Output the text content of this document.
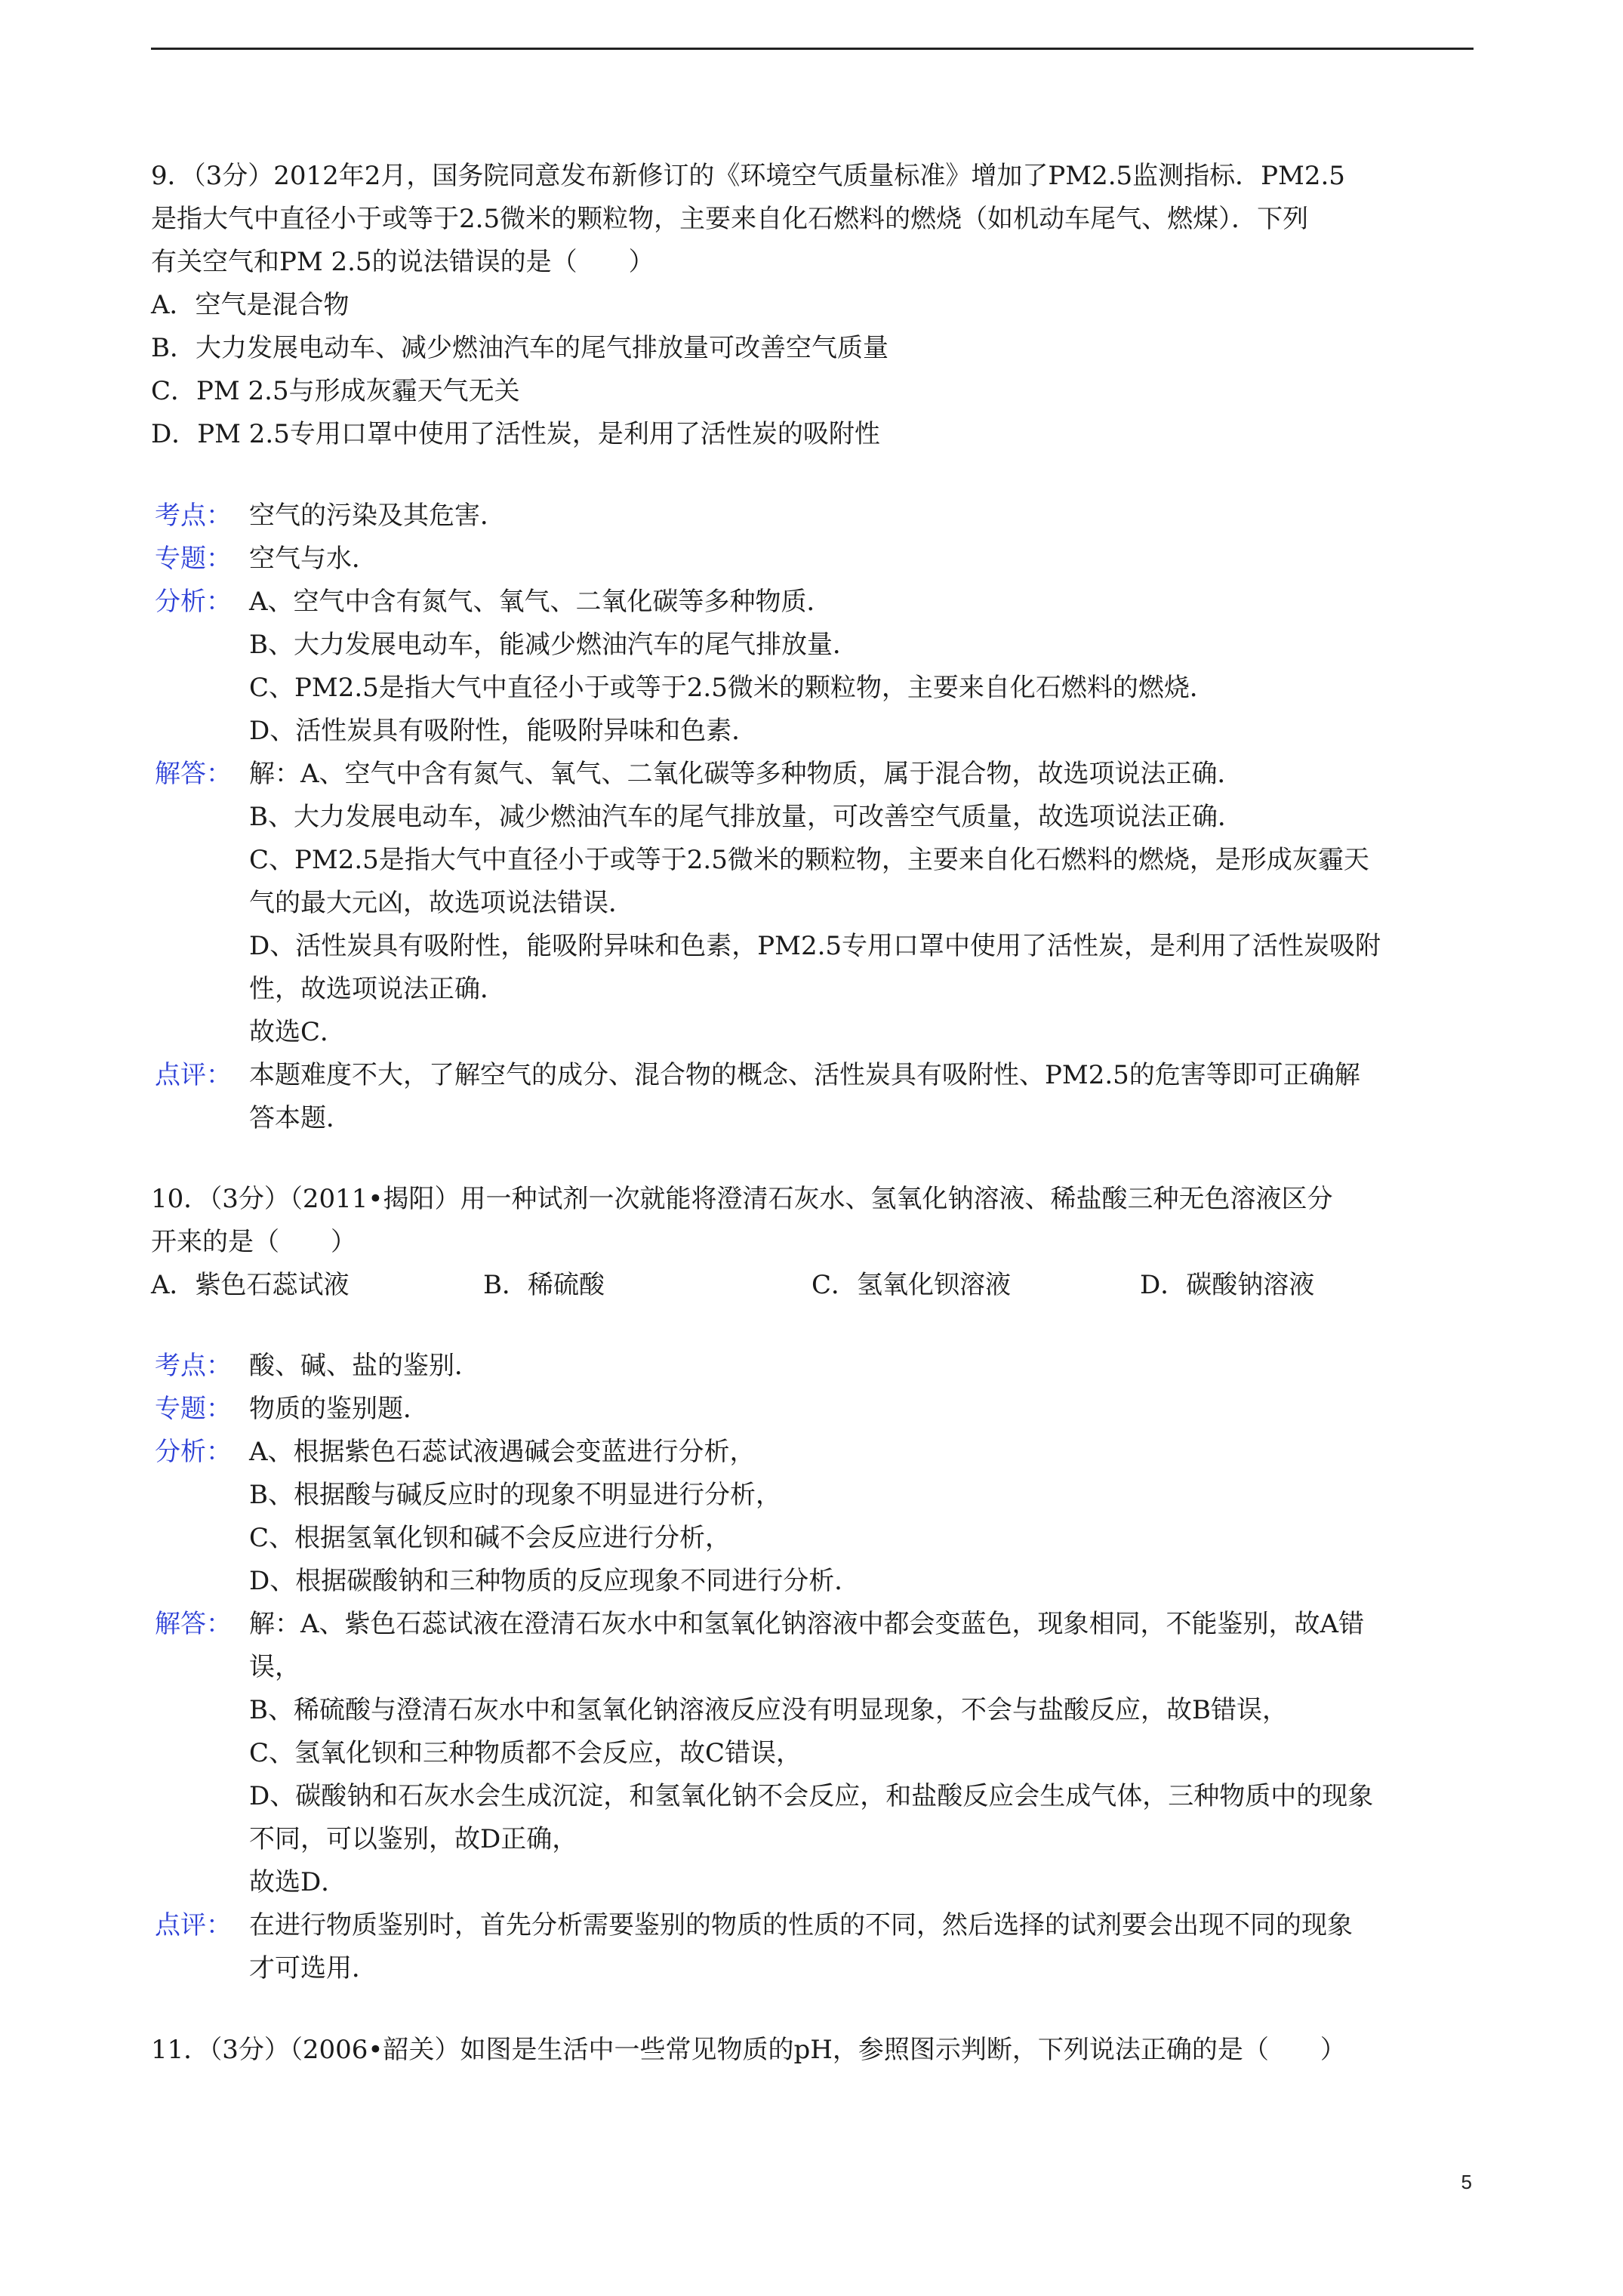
9．（3分）2012年2月，国务院同意发布新修订的《环境空气质量标准》增加了PM2.5监测指标．PM2.5
是指大气中直径小于或等于2.5微米的颗粒物，主要来自化石燃料的燃烧（如机动车尾气、燃煤）．下列
有关空气和PM 2.5的说法错误的是（　　）
A．空气是混合物
B．大力发展电动车、减少燃油汽车的尾气排放量可改善空气质量
C．PM 2.5与形成灰霾天气无关
D．PM 2.5专用口罩中使用了活性炭，是利用了活性炭的吸附性
考点： 空气的污染及其危害．
专题： 空气与水．
分析： A、空气中含有氮气、氧气、二氧化碳等多种物质．
B、大力发展电动车，能减少燃油汽车的尾气排放量．
C、PM2.5是指大气中直径小于或等于2.5微米的颗粒物，主要来自化石燃料的燃烧．
D、活性炭具有吸附性，能吸附异味和色素．
解答： 解：A、空气中含有氮气、氧气、二氧化碳等多种物质，属于混合物，故选项说法正确．
B、大力发展电动车，减少燃油汽车的尾气排放量，可改善空气质量，故选项说法正确．
C、PM2.5是指大气中直径小于或等于2.5微米的颗粒物，主要来自化石燃料的燃烧，是形成灰霾天
气的最大元凶，故选项说法错误．
D、活性炭具有吸附性，能吸附异味和色素，PM2.5专用口罩中使用了活性炭，是利用了活性炭吸附
性，故选项说法正确．
故选C．
点评： 本题难度不大，了解空气的成分、混合物的概念、活性炭具有吸附性、PM2.5的危害等即可正确解
答本题．
10．（3分）（2011•揭阳）用一种试剂一次就能将澄清石灰水、氢氧化钠溶液、稀盐酸三种无色溶液区分
开来的是（　　）
A．紫色石蕊试液	B．稀硫酸	C．氢氧化钡溶液	D．碳酸钠溶液
考点： 酸、碱、盐的鉴别．
专题： 物质的鉴别题．
分析： A、根据紫色石蕊试液遇碱会变蓝进行分析，
B、根据酸与碱反应时的现象不明显进行分析，
C、根据氢氧化钡和碱不会反应进行分析，
D、根据碳酸钠和三种物质的反应现象不同进行分析．
解答： 解：A、紫色石蕊试液在澄清石灰水中和氢氧化钠溶液中都会变蓝色，现象相同，不能鉴别，故A错
误，
B、稀硫酸与澄清石灰水中和氢氧化钠溶液反应没有明显现象，不会与盐酸反应，故B错误，
C、氢氧化钡和三种物质都不会反应，故C错误，
D、碳酸钠和石灰水会生成沉淀，和氢氧化钠不会反应，和盐酸反应会生成气体，三种物质中的现象
不同，可以鉴别，故D正确，
故选D．
点评： 在进行物质鉴别时，首先分析需要鉴别的物质的性质的不同，然后选择的试剂要会出现不同的现象
才可选用．
11．（3分）（2006•韶关）如图是生活中一些常见物质的pH，参照图示判断，下列说法正确的是（　　）
5
